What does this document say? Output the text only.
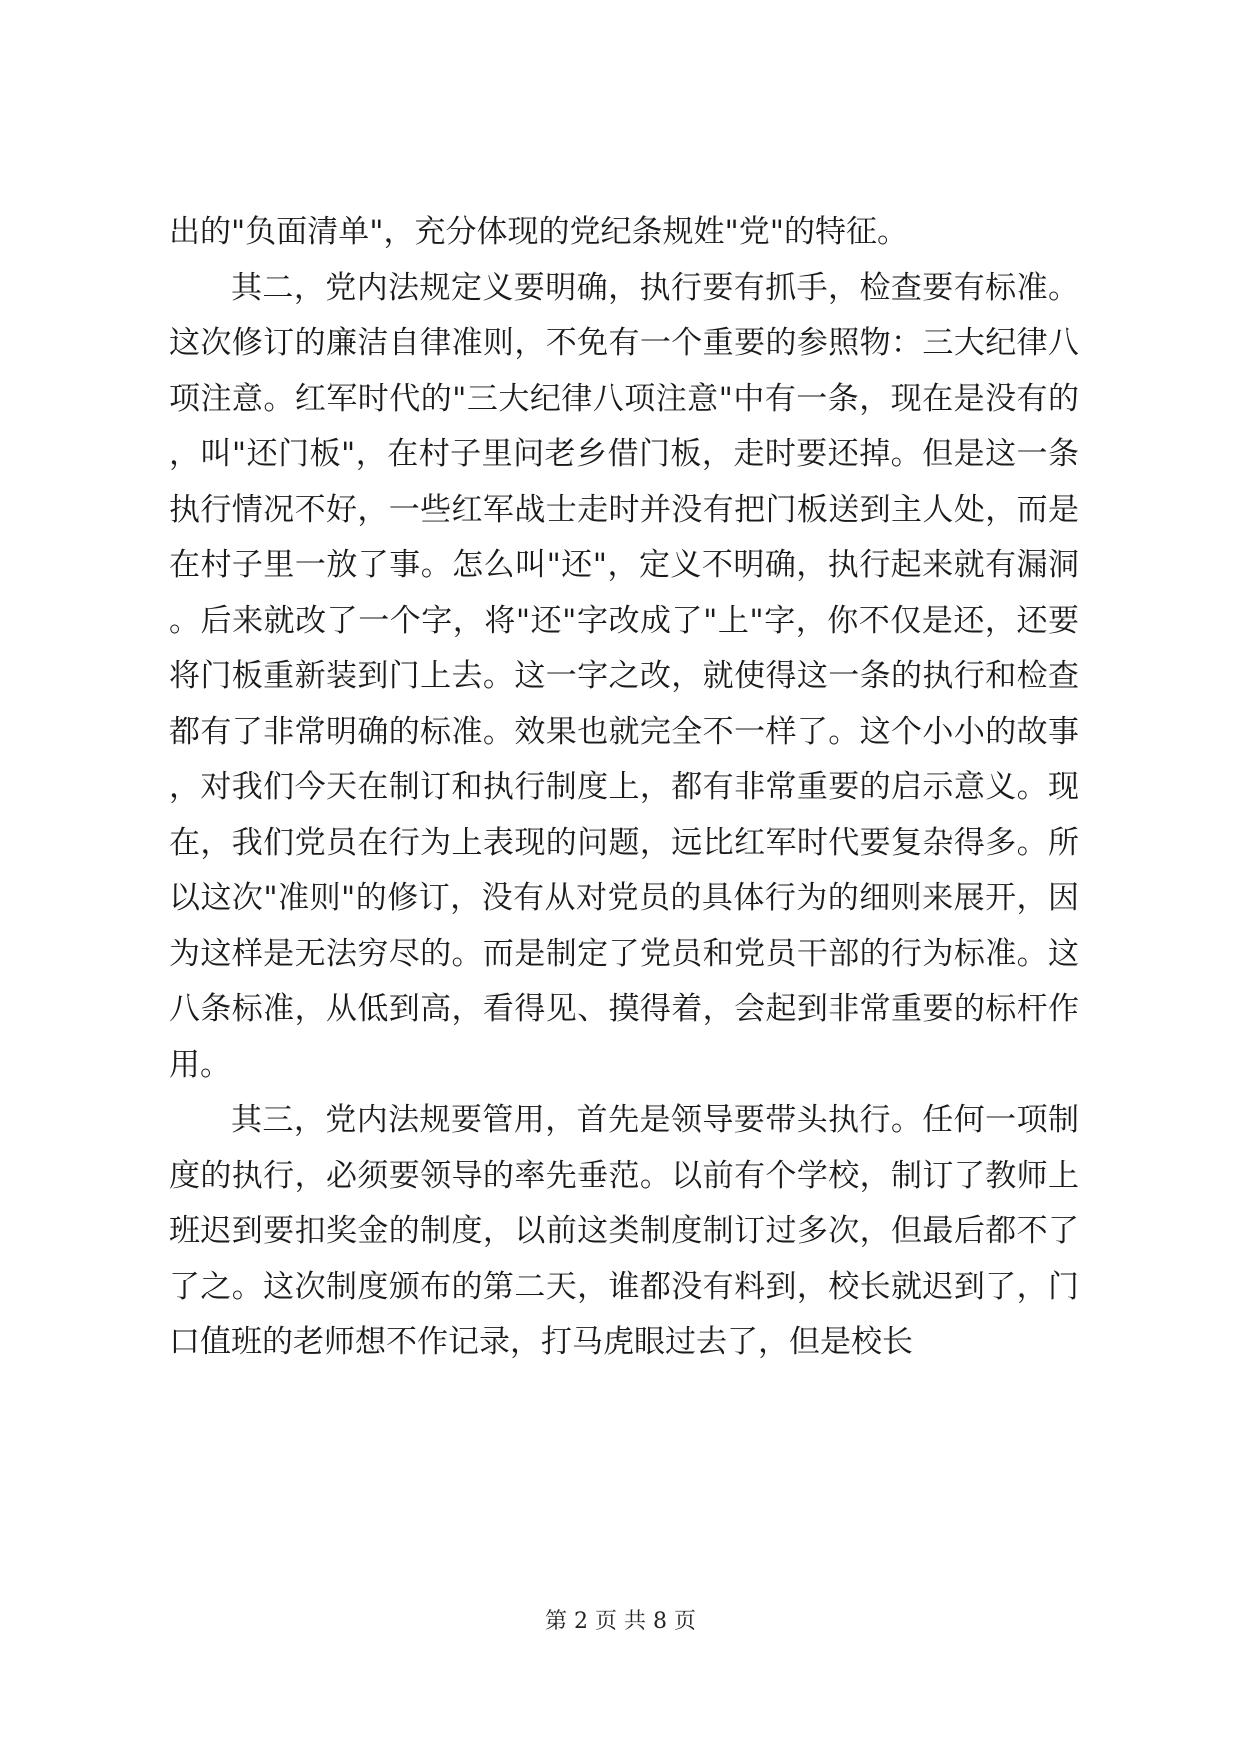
出的"负面清单"，充分体现的党纪条规姓"党"的特征。

其二，党内法规定义要明确，执行要有抓手，检查要有标准。这次修订的廉洁自律准则，不免有一个重要的参照物：三大纪律八项注意。红军时代的"三大纪律八项注意"中有一条，现在是没有的，叫"还门板"，在村子里问老乡借门板，走时要还掉。但是这一条执行情况不好，一些红军战士走时并没有把门板送到主人处，而是在村子里一放了事。怎么叫"还"，定义不明确，执行起来就有漏洞。后来就改了一个字，将"还"字改成了"上"字，你不仅是还，还要将门板重新装到门上去。这一字之改，就使得这一条的执行和检查都有了非常明确的标准。效果也就完全不一样了。这个小小的故事，对我们今天在制订和执行制度上，都有非常重要的启示意义。现在，我们党员在行为上表现的问题，远比红军时代要复杂得多。所以这次"准则"的修订，没有从对党员的具体行为的细则来展开，因为这样是无法穷尽的。而是制定了党员和党员干部的行为标准。这八条标准，从低到高，看得见、摸得着，会起到非常重要的标杆作用。

其三，党内法规要管用，首先是领导要带头执行。任何一项制度的执行，必须要领导的率先垂范。以前有个学校，制订了教师上班迟到要扣奖金的制度，以前这类制度制订过多次，但最后都不了了之。这次制度颁布的第二天，谁都没有料到，校长就迟到了，门口值班的老师想不作记录，打马虎眼过去了，但是校长

第 2 页 共 8 页
